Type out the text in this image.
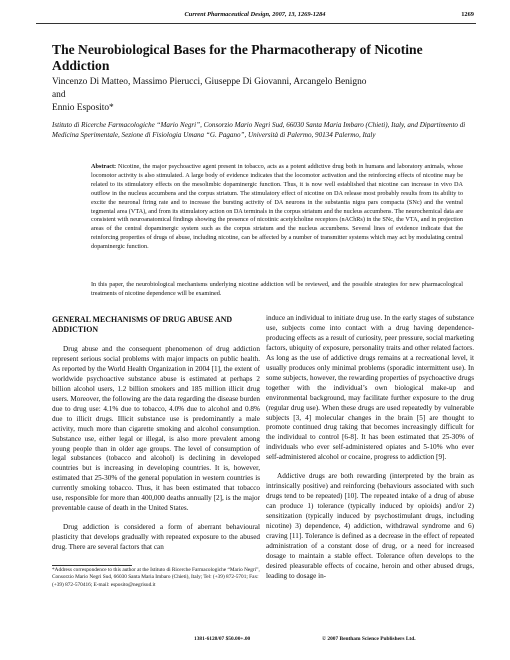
Current Pharmaceutical Design, 2007, 13, 1269-1284	1269
The Neurobiological Bases for the Pharmacotherapy of Nicotine Addiction

Vincenzo Di Matteo, Massimo Pierucci, Giuseppe Di Giovanni, Arcangelo Benigno and
Ennio Esposito*

Istituto di Ricerche Farmacologiche “Mario Negri”, Consorzio Mario Negri Sud, 66030 Santa Maria Imbaro (Chieti), Italy, and Dipartimento di Medicina Sperimentale, Sezione di Fisiologia Umana “G. Pagano”, Università di Palermo, 90134 Palermo, Italy

Abstract: Nicotine, the major psychoactive agent present in tobacco, acts as a potent addictive drug both in humans and laboratory animals, whose locomotor activity is also stimulated. A large body of evidence indicates that the locomotor activation and the reinforcing effects of nicotine may be related to its stimulatory effects on the mesolimbic dopaminergic function. Thus, it is now well established that nicotine can increase in vivo DA outflow in the nucleus accumbens and the corpus striatum. The stimulatory effect of nicotine on DA release most probably results from its ability to excite the neuronal firing rate and to increase the bursting activity of DA neurons in the substantia nigra pars compacta (SNc) and the ventral tegmental area (VTA), and from its stimulatory action on DA terminals in the corpus striatum and the nucleus accumbens. The neurochemical data are consistent with neuroanatomical findings showing the presence of nicotinic acetylcholine receptors (nAChRs) in the SNc, the VTA, and in projection areas of the central dopaminergic system such as the corpus striatum and the nucleus accumbens. Several lines of evidence indicate that the reinforcing properties of drugs of abuse, including nicotine, can be affected by a number of transmitter systems which may act by modulating central dopaminergic function.

In this paper, the neurobiological mechanisms underlying nicotine addiction will be reviewed, and the possible strategies for new pharmacological treatments of nicotine dependence will be examined.

GENERAL MECHANISMS OF DRUG ABUSE AND ADDICTION

Drug abuse and the consequent phenomenon of drug addiction represent serious social problems with major impacts on public health. As reported by the World Health Organization in 2004 [1], the extent of worldwide psychoactive substance abuse is estimated at perhaps 2 billion alcohol users, 1.2 billion smokers and 185 million illicit drug users. Moreover, the following are the data regarding the disease burden due to drug use: 4.1% due to tobacco, 4.0% due to alcohol and 0.8% due to illicit drugs. Illicit substance use is predominantly a male activity, much more than cigarette smoking and alcohol consumption. Substance use, either legal or illegal, is also more prevalent among young people than in older age groups. The level of consumption of legal substances (tobacco and alcohol) is declining in developed countries but is increasing in developing countries. It is, however, estimated that 25-30% of the general population in western countries is currently smoking tobacco. Thus, it has been estimated that tobacco use, responsible for more than 400,000 deaths annually [2], is the major preventable cause of death in the United States.

Drug addiction is considered a form of aberrant behavioural plasticity that develops gradually with repeated exposure to the abused drug. There are several factors that can

induce an individual to initiate drug use. In the early stages of substance use, subjects come into contact with a drug having dependence-producing effects as a result of curiosity, peer pressure, social marketing factors, ubiquity of exposure, personality traits and other related factors. As long as the use of addictive drugs remains at a recreational level, it usually produces only minimal problems (sporadic intermittent use). In some subjects, however, the rewarding properties of psychoactive drugs together with the individual’s own biological make-up and environmental background, may facilitate further exposure to the drug (regular drug use). When these drugs are used repeatedly by vulnerable subjects [3, 4] molecular changes in the brain [5] are thought to promote continued drug taking that becomes increasingly difficult for the individual to control [6-8]. It has been estimated that 25-30% of individuals who ever self-administered opiates and 5-10% who ever self-administered alcohol or cocaine, progress to addiction [9].

Addictive drugs are both rewarding (interpreted by the brain as intrinsically positive) and reinforcing (behaviours associated with such drugs tend to be repeated) [10]. The repeated intake of a drug of abuse can produce 1) tolerance (typically induced by opioids) and/or 2) sensitization (typically induced by psychostimulant drugs, including nicotine) 3) dependence, 4) addiction, withdrawal syndrome and 6) craving [11]. Tolerance is defined as a decrease in the effect of repeated administration of a constant dose of drug, or a need for increased dosage to maintain a stable effect. Tolerance often develops to the desired pleasurable effects of cocaine, heroin and other abused drugs, leading to dosage in-

*Address correspondence to this author at the Istituto di Ricerche Farmacologiche “Mario Negri”, Consorzio Mario Negri Sud, 66030 Santa Maria Imbaro (Chieti), Italy; Tel: (+39) 872-5701; Fax: (+39) 872-570416; E-mail: esposito@negrisud.it

1381-6128/07 $50.00+.00	© 2007 Bentham Science Publishers Ltd.
